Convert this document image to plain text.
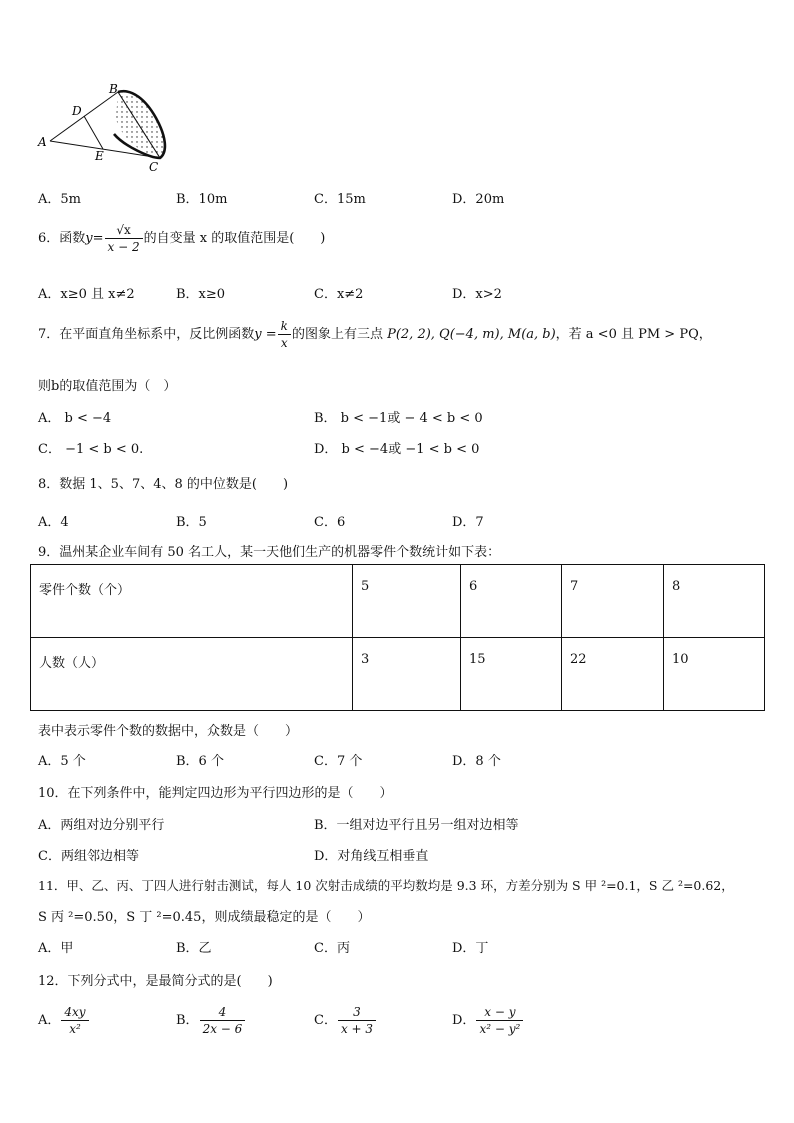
B
D
A
E
C
A．5m	B．10m	C．15m	D．20m
6．函数$y= \frac{√x}{x - 2}$ 的自变量 x 的取值范围是(　　)
A．x≥0 且 x≠2	B．x≥0	C．x≠2	D．x>2
7．在平面直角坐标系中，反比例函数$y = \frac{k}{x}$ 的图象上有三点 P(2, 2), Q(−4, m), M(a, b)，若 a <0 且 PM > PQ，
则b的取值范围为（　）
A． b < −4	B． b < −1或 − 4 < b < 0
C． −1 < b < 0.	D． b < −4或 −1 < b < 0
8．数据 1、5、7、4、8 的中位数是(　　)
A．4	B．5	C．6	D．7
9．温州某企业车间有 50 名工人，某一天他们生产的机器零件个数统计如下表：
零件个数（个）	5	6	7	8
人数（人）	3	15	22	10
表中表示零件个数的数据中，众数是（　　）
A．5 个	B．6 个	C．7 个	D．8 个
10．在下列条件中，能判定四边形为平行四边形的是（　　）
A．两组对边分别平行	B．一组对边平行且另一组对边相等
C．两组邻边相等	D．对角线互相垂直
11．甲、乙、丙、丁四人进行射击测试，每人 10 次射击成绩的平均数均是 9.3 环，方差分别为 S 甲 ²=0.1，S 乙 ²=0.62，
S 丙 ²=0.50，S 丁 ²=0.45，则成绩最稳定的是（　　）
A．甲	B．乙	C．丙	D．丁
12．下列分式中，是最简分式的是(　　)
A． $\frac{4xy}{\text{x²}}$	B． $\frac{4}{2x - 6}$	C． $\frac{3}{x + 3}$	D． $\frac{x - y}{\text{x² − y²}}$
